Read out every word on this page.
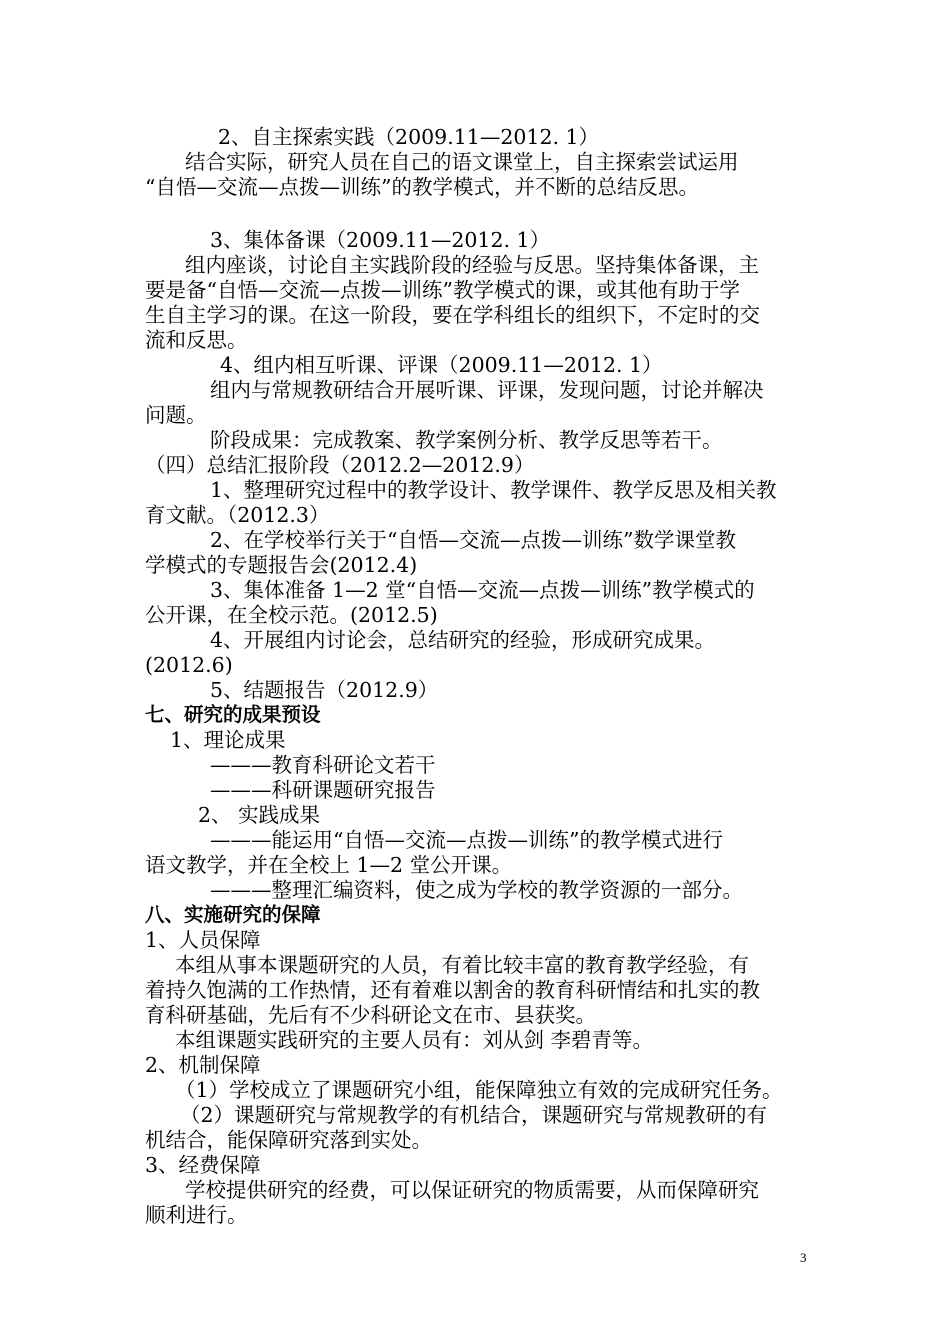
2、自主探索实践（2009.11—2012. 1）

结合实际，研究人员在自己的语文课堂上，自主探索尝试运用

“自悟—交流—点拨—训练”的教学模式，并不断的总结反思。

3、集体备课（2009.11—2012. 1）

组内座谈，讨论自主实践阶段的经验与反思。坚持集体备课，主

要是备“自悟—交流—点拨—训练”教学模式的课，或其他有助于学

生自主学习的课。在这一阶段，要在学科组长的组织下，不定时的交

流和反思。

4、组内相互听课、评课（2009.11—2012. 1）

组内与常规教研结合开展听课、评课，发现问题，讨论并解决

问题。

阶段成果：完成教案、教学案例分析、教学反思等若干。

（四）总结汇报阶段（2012.2—2012.9）

1、整理研究过程中的教学设计、教学课件、教学反思及相关教

育文献。（2012.3）

2、在学校举行关于“自悟—交流—点拨—训练”数学课堂教

学模式的专题报告会(2012.4)

3、集体准备 1—2 堂“自悟—交流—点拨—训练”教学模式的

公开课，在全校示范。(2012.5)

4、开展组内讨论会，总结研究的经验，形成研究成果。

(2012.6)

5、结题报告（2012.9）

七、研究的成果预设

1、理论成果

———教育科研论文若干

———科研课题研究报告

2、 实践成果

———能运用“自悟—交流—点拨—训练”的教学模式进行

语文教学，并在全校上 1—2 堂公开课。

———整理汇编资料，使之成为学校的教学资源的一部分。

八、实施研究的保障

1、人员保障

本组从事本课题研究的人员，有着比较丰富的教育教学经验，有

着持久饱满的工作热情，还有着难以割舍的教育科研情结和扎实的教

育科研基础，先后有不少科研论文在市、县获奖。

本组课题实践研究的主要人员有：刘从剑 李碧青等。

2、机制保障

（1）学校成立了课题研究小组，能保障独立有效的完成研究任务。

（2）课题研究与常规教学的有机结合，课题研究与常规教研的有

机结合，能保障研究落到实处。

3、经费保障

学校提供研究的经费，可以保证研究的物质需要，从而保障研究

顺利进行。

3
